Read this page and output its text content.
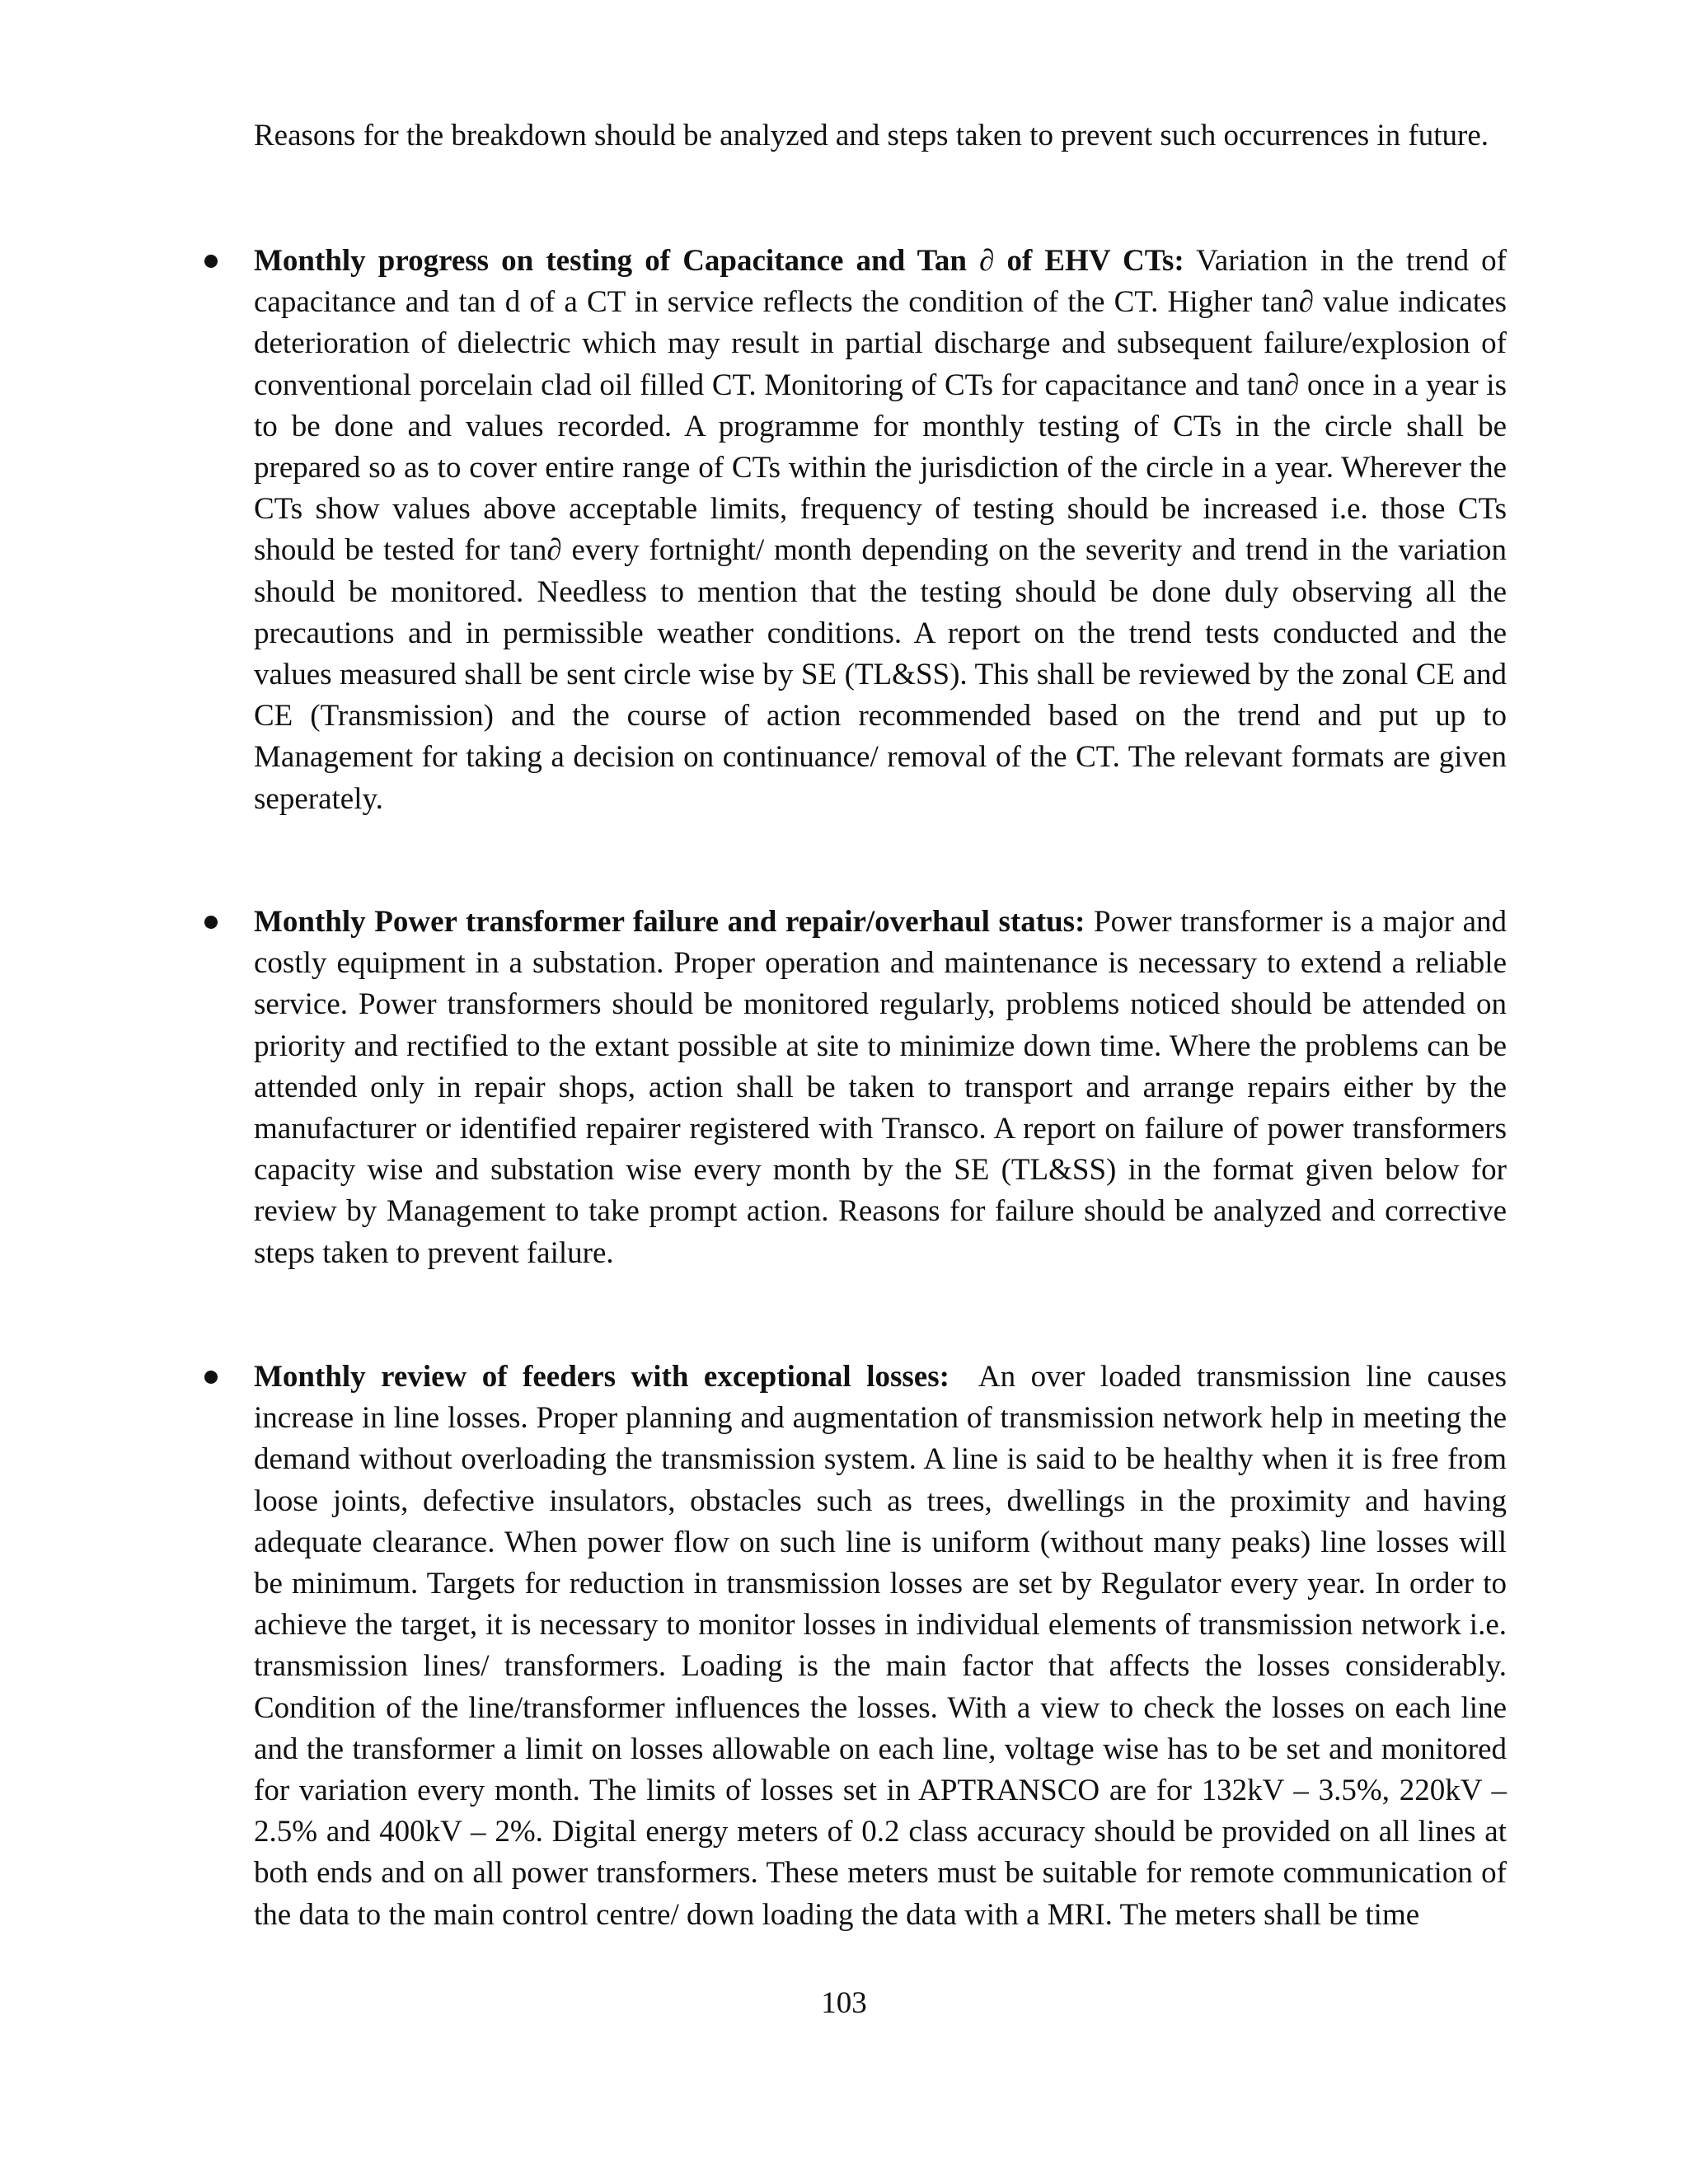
Reasons for the breakdown should be analyzed and steps taken to prevent such occurrences in future.

Monthly progress on testing of Capacitance and Tan ∂ of EHV CTs: Variation in the trend of capacitance and tan d of a CT in service reflects the condition of the CT. Higher tan∂ value indicates deterioration of dielectric which may result in partial discharge and subsequent failure/explosion of conventional porcelain clad oil filled CT. Monitoring of CTs for capacitance and tan∂ once in a year is to be done and values recorded. A programme for monthly testing of CTs in the circle shall be prepared so as to cover entire range of CTs within the jurisdiction of the circle in a year. Wherever the CTs show values above acceptable limits, frequency of testing should be increased i.e. those CTs should be tested for tan∂ every fortnight/ month depending on the severity and trend in the variation should be monitored. Needless to mention that the testing should be done duly observing all the precautions and in permissible weather conditions. A report on the trend tests conducted and the values measured shall be sent circle wise by SE (TL&SS). This shall be reviewed by the zonal CE and CE (Transmission) and the course of action recommended based on the trend and put up to Management for taking a decision on continuance/ removal of the CT. The relevant formats are given seperately.

Monthly Power transformer failure and repair/overhaul status: Power transformer is a major and costly equipment in a substation. Proper operation and maintenance is necessary to extend a reliable service. Power transformers should be monitored regularly, problems noticed should be attended on priority and rectified to the extant possible at site to minimize down time. Where the problems can be attended only in repair shops, action shall be taken to transport and arrange repairs either by the manufacturer or identified repairer registered with Transco. A report on failure of power transformers capacity wise and substation wise every month by the SE (TL&SS) in the format given below for review by Management to take prompt action. Reasons for failure should be analyzed and corrective steps taken to prevent failure.

Monthly review of feeders with exceptional losses: An over loaded transmission line causes increase in line losses. Proper planning and augmentation of transmission network help in meeting the demand without overloading the transmission system. A line is said to be healthy when it is free from loose joints, defective insulators, obstacles such as trees, dwellings in the proximity and having adequate clearance. When power flow on such line is uniform (without many peaks) line losses will be minimum. Targets for reduction in transmission losses are set by Regulator every year. In order to achieve the target, it is necessary to monitor losses in individual elements of transmission network i.e. transmission lines/ transformers. Loading is the main factor that affects the losses considerably. Condition of the line/transformer influences the losses. With a view to check the losses on each line and the transformer a limit on losses allowable on each line, voltage wise has to be set and monitored for variation every month. The limits of losses set in APTRANSCO are for 132kV – 3.5%, 220kV – 2.5% and 400kV – 2%. Digital energy meters of 0.2 class accuracy should be provided on all lines at both ends and on all power transformers. These meters must be suitable for remote communication of the data to the main control centre/ down loading the data with a MRI. The meters shall be time

103
